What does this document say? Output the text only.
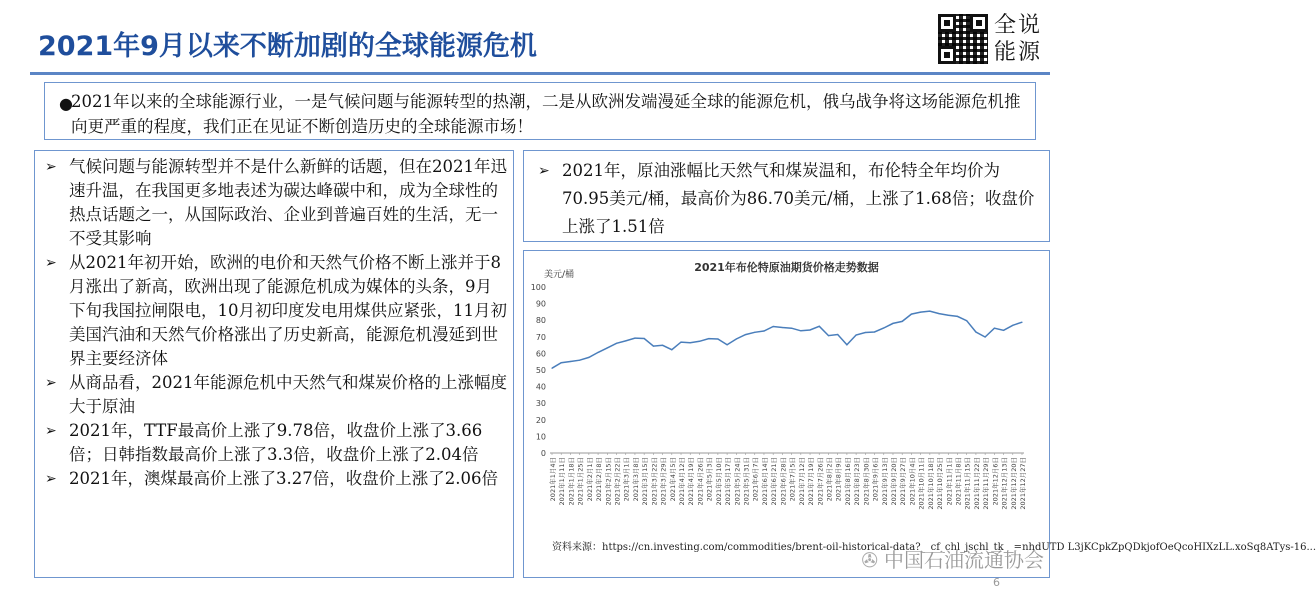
2021年9月以来不断加剧的全球能源危机
全说能源
●
2021年以来的全球能源行业，一是气候问题与能源转型的热潮，二是从欧洲发端漫延全球的能源危机，俄乌战争将这场能源危机推向更严重的程度，我们正在见证不断创造历史的全球能源市场！
➢ 气候问题与能源转型并不是什么新鲜的话题，但在2021年迅速升温，在我国更多地表述为碳达峰碳中和，成为全球性的热点话题之一，从国际政治、企业到普遍百姓的生活，无一不受其影响
➢ 从2021年初开始，欧洲的电价和天然气价格不断上涨并于8月涨出了新高，欧洲出现了能源危机成为媒体的头条，9月下旬我国拉闸限电，10月初印度发电用煤供应紧张，11月初美国汽油和天然气价格涨出了历史新高，能源危机漫延到世界主要经济体
➢ 从商品看，2021年能源危机中天然气和煤炭价格的上涨幅度大于原油
➢ 2021年，TTF最高价上涨了9.78倍，收盘价上涨了3.66倍；日韩指数最高价上涨了3.3倍，收盘价上涨了2.04倍
➢ 2021年，澳煤最高价上涨了3.27倍，收盘价上涨了2.06倍
➢ 2021年，原油涨幅比天然气和煤炭温和，布伦特全年均价为70.95美元/桶，最高价为86.70美元/桶，上涨了1.68倍；收盘价上涨了1.51倍
2021年布伦特原油期货价格走势数据
美元/桶
0
10
20
30
40
50
60
70
80
90
100
2021年1月4日 2021年1月11日 2021年1月18日 2021年1月25日 2021年2月1日 2021年2月8日 2021年2月15日 2021年2月22日 2021年3月1日 2021年3月8日 2021年3月15日 2021年3月22日 2021年3月29日 2021年4月5日 2021年4月12日 2021年4月19日 2021年4月26日 2021年5月3日 2021年5月10日 2021年5月17日 2021年5月24日 2021年5月31日 2021年6月7日 2021年6月14日 2021年6月21日 2021年6月28日 2021年7月5日 2021年7月12日 2021年7月19日 2021年7月26日 2021年8月2日 2021年8月9日 2021年8月16日 2021年8月23日 2021年8月30日 2021年9月6日 2021年9月13日 2021年9月20日 2021年9月27日 2021年10月4日 2021年10月11日 2021年10月18日 2021年10月25日 2021年11月1日 2021年11月8日 2021年11月15日 2021年11月22日 2021年11月29日 2021年12月6日 2021年12月13日 2021年12月20日 2021年12月27日
资料来源：https://cn.investing.com/commodities/brent-oil-historical-data?__cf_chl_jschl_tk__=nhdUTD L3jKCpkZpQDkjofOeQcoHIXzLL.xoSq8ATys-16...
✇ 中国石油流通协会
6
